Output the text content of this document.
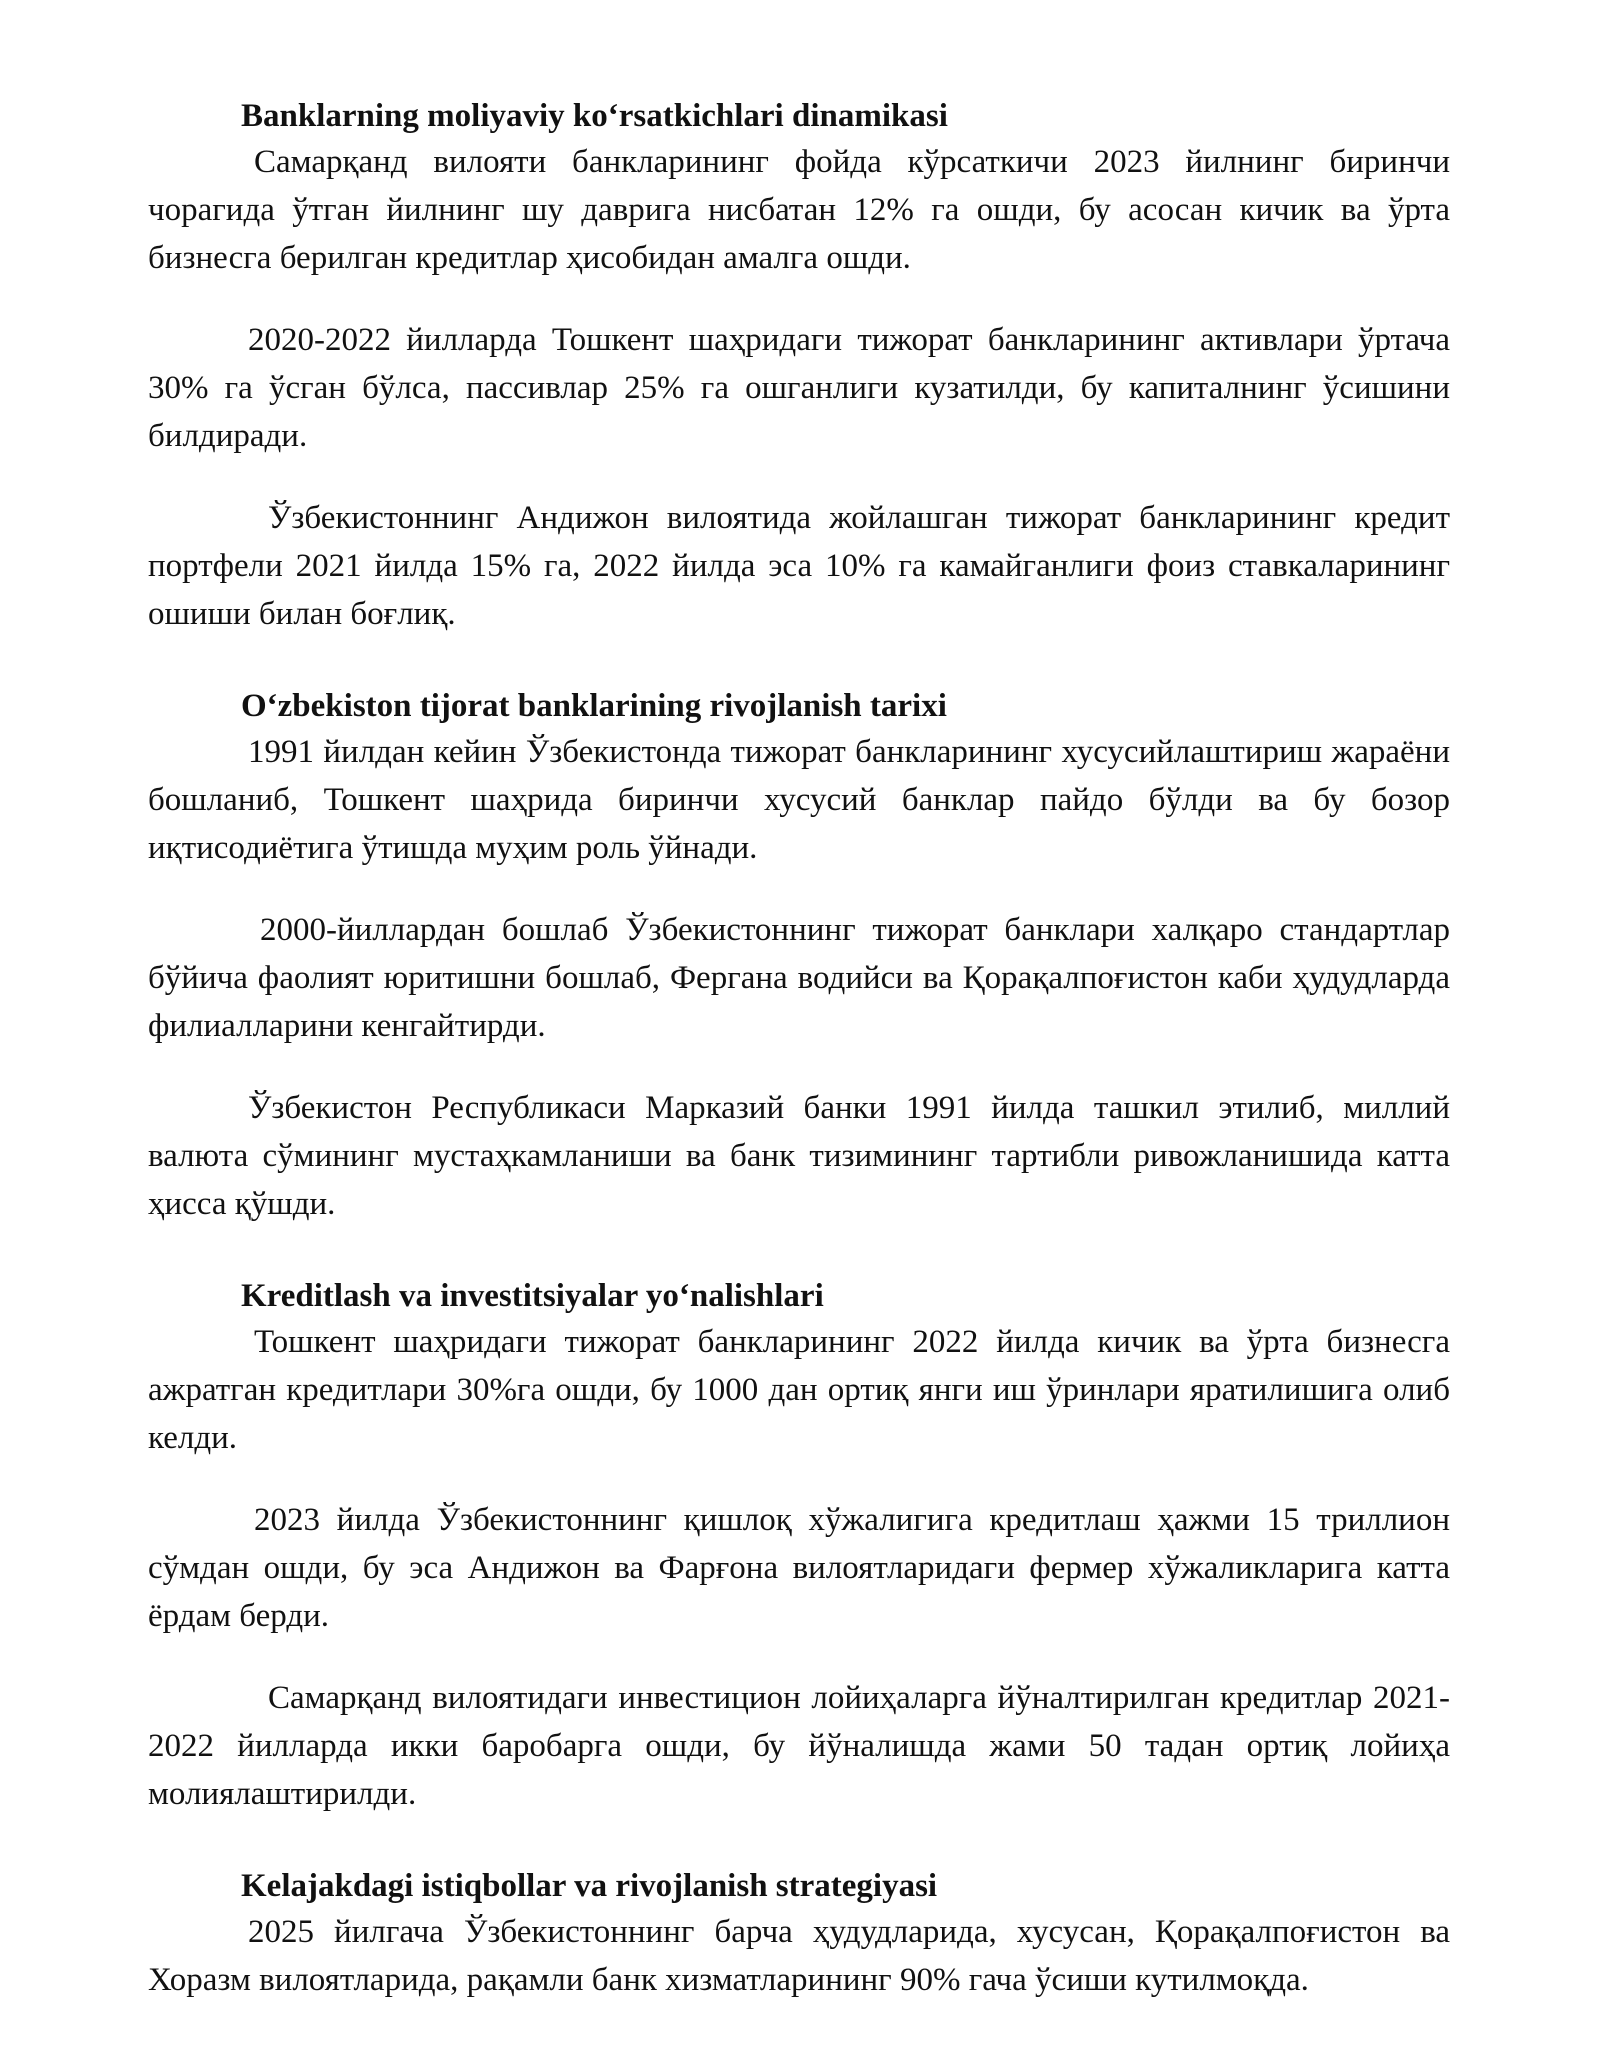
Banklarning moliyaviy koʻrsatkichlari dinamikasi

Самарқанд вилояти банкларининг фойда кўрсаткичи 2023 йилнинг биринчи чорагида ўтган йилнинг шу даврига нисбатан 12% га ошди, бу асосан кичик ва ўрта бизнесга берилган кредитлар ҳисобидан амалга ошди.

2020-2022 йилларда Тошкент шаҳридаги тижорат банкларининг активлари ўртача 30% га ўсган бўлса, пассивлар 25% га ошганлиги кузатилди, бу капиталнинг ўсишини билдиради.

Ўзбекистоннинг Андижон вилоятида жойлашган тижорат банкларининг кредит портфели 2021 йилда 15% га, 2022 йилда эса 10% га камайганлиги фоиз ставкаларининг ошиши билан боғлиқ.

Oʻzbekiston tijorat banklarining rivojlanish tarixi

1991 йилдан кейин Ўзбекистонда тижорат банкларининг хусусийлаштириш жараёни бошланиб, Тошкент шаҳрида биринчи хусусий банклар пайдо бўлди ва бу бозор иқтисодиётига ўтишда муҳим роль ўйнади.

2000-йиллардан бошлаб Ўзбекистоннинг тижорат банклари халқаро стандартлар бўйича фаолият юритишни бошлаб, Фергана водийси ва Қорақалпоғистон каби ҳудудларда филиалларини кенгайтирди.

Ўзбекистон Республикаси Марказий банки 1991 йилда ташкил этилиб, миллий валюта сўмининг мустаҳкамланиши ва банк тизимининг тартибли ривожланишида катта ҳисса қўшди.

Kreditlash va investitsiyalar yoʻnalishlari

Тошкент шаҳридаги тижорат банкларининг 2022 йилда кичик ва ўрта бизнесга ажратган кредитлари 30%га ошди, бу 1000 дан ортиқ янги иш ўринлари яратилишига олиб келди.

2023 йилда Ўзбекистоннинг қишлоқ хўжалигига кредитлаш ҳажми 15 триллион сўмдан ошди, бу эса Андижон ва Фарғона вилоятларидаги фермер хўжаликларига катта ёрдам берди.

Самарқанд вилоятидаги инвестицион лойиҳаларга йўналтирилган кредитлар 2021-2022 йилларда икки баробарга ошди, бу йўналишда жами 50 тадан ортиқ лойиҳа молиялаштирилди.

Kelajakdagi istiqbollar va rivojlanish strategiyasi

2025 йилгача Ўзбекистоннинг барча ҳудудларида, хусусан, Қорақалпоғистон ва Хоразм вилоятларида, рақамли банк хизматларининг 90% гача ўсиши кутилмоқда.
